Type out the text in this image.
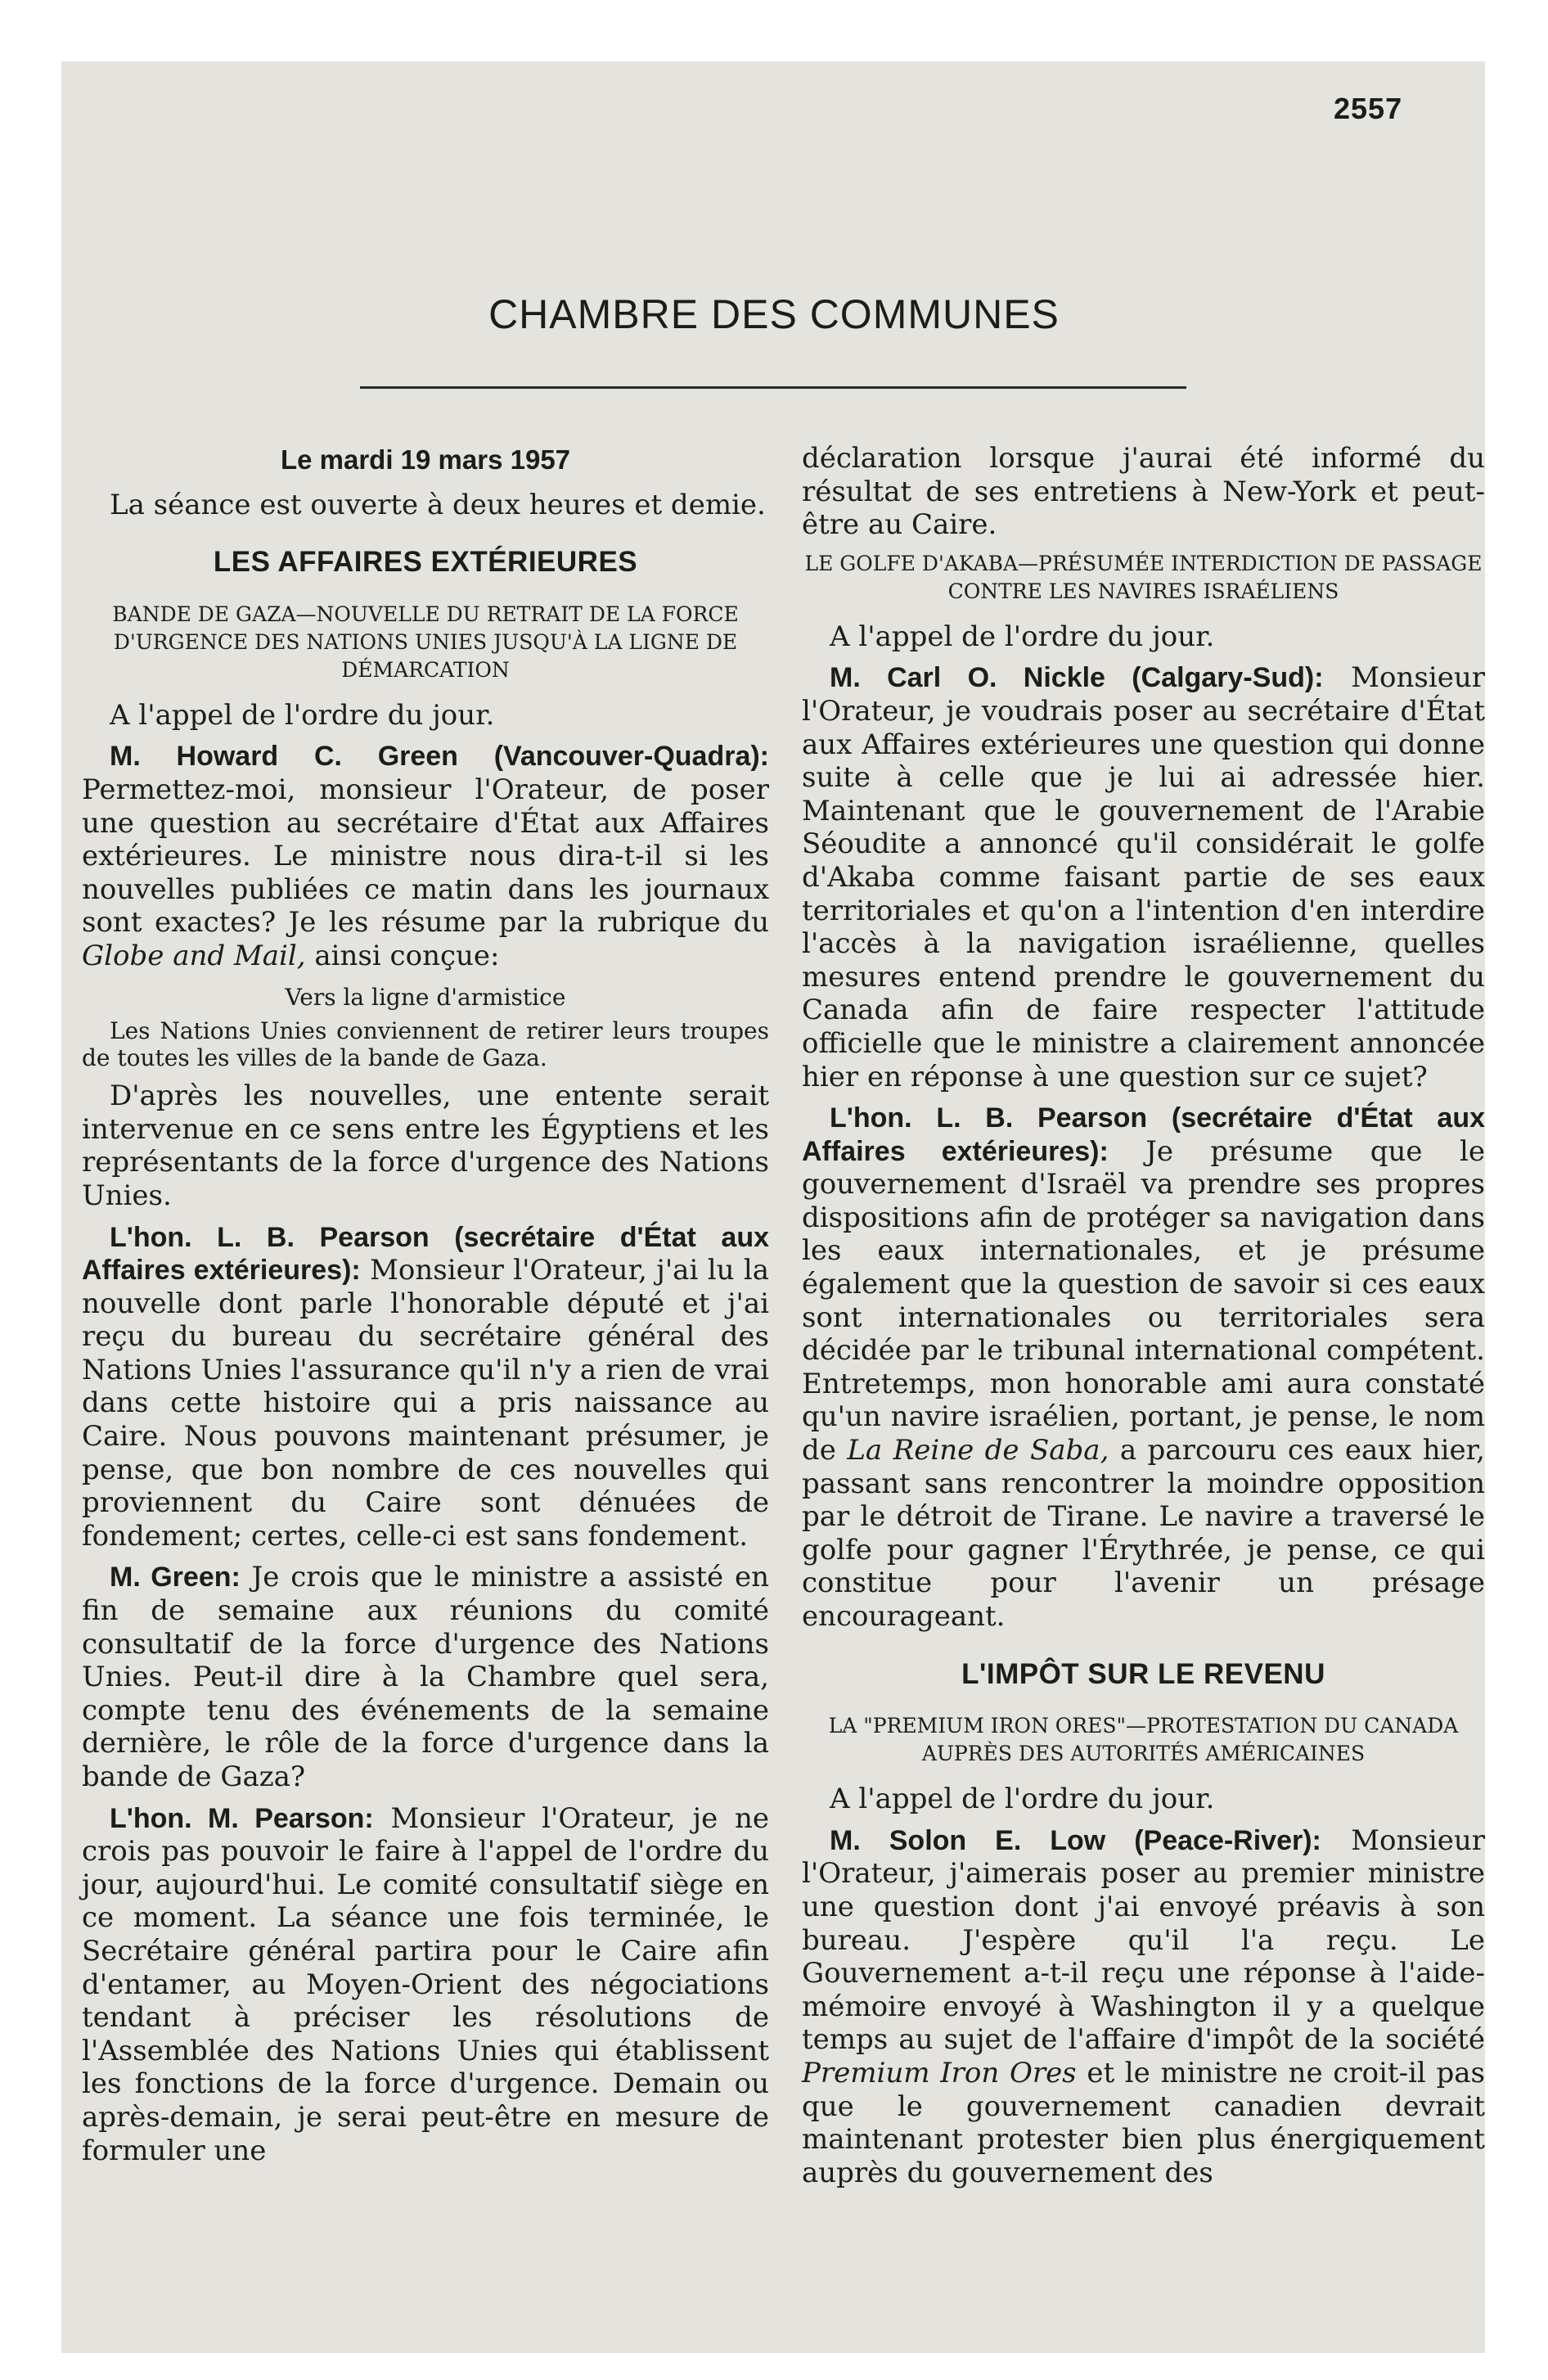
2557
CHAMBRE DES COMMUNES
Le mardi 19 mars 1957

La séance est ouverte à deux heures et demie.

LES AFFAIRES EXTÉRIEURES
BANDE DE GAZA—NOUVELLE DU RETRAIT DE LA FORCE D'URGENCE DES NATIONS UNIES JUSQU'À LA LIGNE DE DÉMARCATION

A l'appel de l'ordre du jour.

M. Howard C. Green (Vancouver-Quadra): Permettez-moi, monsieur l'Orateur, de poser une question au secrétaire d'État aux Affaires extérieures. Le ministre nous dira-t-il si les nouvelles publiées ce matin dans les journaux sont exactes? Je les résume par la rubrique du Globe and Mail, ainsi conçue:

Vers la ligne d'armistice

Les Nations Unies conviennent de retirer leurs troupes de toutes les villes de la bande de Gaza.

D'après les nouvelles, une entente serait intervenue en ce sens entre les Égyptiens et les représentants de la force d'urgence des Nations Unies.

L'hon. L. B. Pearson (secrétaire d'État aux Affaires extérieures): Monsieur l'Orateur, j'ai lu la nouvelle dont parle l'honorable député et j'ai reçu du bureau du secrétaire général des Nations Unies l'assurance qu'il n'y a rien de vrai dans cette histoire qui a pris naissance au Caire. Nous pouvons maintenant présumer, je pense, que bon nombre de ces nouvelles qui proviennent du Caire sont dénuées de fondement; certes, celle-ci est sans fondement.

M. Green: Je crois que le ministre a assisté en fin de semaine aux réunions du comité consultatif de la force d'urgence des Nations Unies. Peut-il dire à la Chambre quel sera, compte tenu des événements de la semaine dernière, le rôle de la force d'urgence dans la bande de Gaza?

L'hon. M. Pearson: Monsieur l'Orateur, je ne crois pas pouvoir le faire à l'appel de l'ordre du jour, aujourd'hui. Le comité consultatif siège en ce moment. La séance une fois terminée, le Secrétaire général partira pour le Caire afin d'entamer, au Moyen-Orient des négociations tendant à préciser les résolutions de l'Assemblée des Nations Unies qui établissent les fonctions de la force d'urgence. Demain ou après-demain, je serai peut-être en mesure de formuler une

déclaration lorsque j'aurai été informé du résultat de ses entretiens à New-York et peut-être au Caire.

LE GOLFE D'AKABA—PRÉSUMÉE INTERDICTION DE PASSAGE CONTRE LES NAVIRES ISRAÉLIENS

A l'appel de l'ordre du jour.

M. Carl O. Nickle (Calgary-Sud): Monsieur l'Orateur, je voudrais poser au secrétaire d'État aux Affaires extérieures une question qui donne suite à celle que je lui ai adressée hier. Maintenant que le gouvernement de l'Arabie Séoudite a annoncé qu'il considérait le golfe d'Akaba comme faisant partie de ses eaux territoriales et qu'on a l'intention d'en interdire l'accès à la navigation israélienne, quelles mesures entend prendre le gouvernement du Canada afin de faire respecter l'attitude officielle que le ministre a clairement annoncée hier en réponse à une question sur ce sujet?

L'hon. L. B. Pearson (secrétaire d'État aux Affaires extérieures): Je présume que le gouvernement d'Israël va prendre ses propres dispositions afin de protéger sa navigation dans les eaux internationales, et je présume également que la question de savoir si ces eaux sont internationales ou territoriales sera décidée par le tribunal international compétent. Entretemps, mon honorable ami aura constaté qu'un navire israélien, portant, je pense, le nom de La Reine de Saba, a parcouru ces eaux hier, passant sans rencontrer la moindre opposition par le détroit de Tirane. Le navire a traversé le golfe pour gagner l'Érythrée, je pense, ce qui constitue pour l'avenir un présage encourageant.

L'IMPÔT SUR LE REVENU
LA "PREMIUM IRON ORES"—PROTESTATION DU CANADA AUPRÈS DES AUTORITÉS AMÉRICAINES

A l'appel de l'ordre du jour.

M. Solon E. Low (Peace-River): Monsieur l'Orateur, j'aimerais poser au premier ministre une question dont j'ai envoyé préavis à son bureau. J'espère qu'il l'a reçu. Le Gouvernement a-t-il reçu une réponse à l'aide-mémoire envoyé à Washington il y a quelque temps au sujet de l'affaire d'impôt de la société Premium Iron Ores et le ministre ne croit-il pas que le gouvernement canadien devrait maintenant protester bien plus énergiquement auprès du gouvernement des
